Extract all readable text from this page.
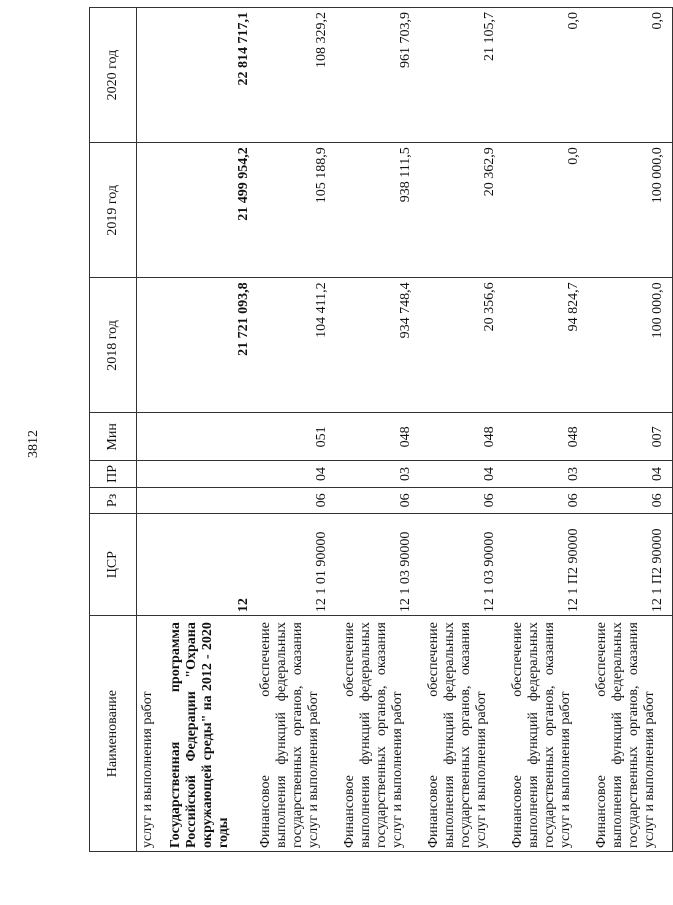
3812
Наименование	ЦСР	Рз	ПР	Мин	2018 год	2019 год	2020 год
услуг и выполнения работ							
Государственная программа Российской Федерации "Охрана окружающей среды" на 2012 - 2020 годы	12				21 721 093,8	21 499 954,2	22 814 717,1
Финансовое обеспечение выполнения функций федеральных государственных органов, оказания услуг и выполнения работ	12 1 01 90000	06	04	051	104 411,2	105 188,9	108 329,2
Финансовое обеспечение выполнения функций федеральных государственных органов, оказания услуг и выполнения работ	12 1 03 90000	06	03	048	934 748,4	938 111,5	961 703,9
Финансовое обеспечение выполнения функций федеральных государственных органов, оказания услуг и выполнения работ	12 1 03 90000	06	04	048	20 356,6	20 362,9	21 105,7
Финансовое обеспечение выполнения функций федеральных государственных органов, оказания услуг и выполнения работ	12 1 П2 90000	06	03	048	94 824,7	0,0	0,0
Финансовое обеспечение выполнения функций федеральных государственных органов, оказания услуг и выполнения работ	12 1 П2 90000	06	04	007	100 000,0	100 000,0	0,0
